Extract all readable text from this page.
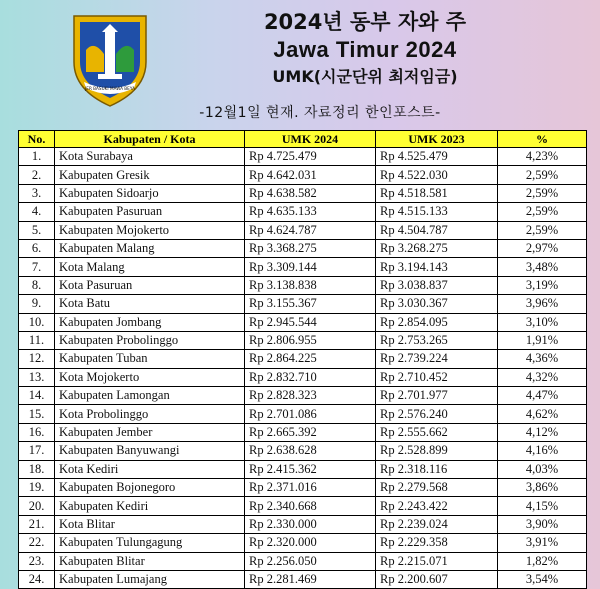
JER BASUKI MAWA BEYA
2024년 동부 자와 주
Jawa Timur 2024
UMK(시군단위 최저임금)
-12월1일 현재. 자료정리 한인포스트-
No.	Kabupaten / Kota	UMK 2024	UMK 2023	%
1.	Kota Surabaya	Rp 4.725.479	Rp 4.525.479	4,23%
2.	Kabupaten Gresik	Rp 4.642.031	Rp 4.522.030	2,59%
3.	Kabupaten Sidoarjo	Rp 4.638.582	Rp 4.518.581	2,59%
4.	Kabupaten Pasuruan	Rp 4.635.133	Rp 4.515.133	2,59%
5.	Kabupaten Mojokerto	Rp 4.624.787	Rp 4.504.787	2,59%
6.	Kabupaten Malang	Rp 3.368.275	Rp 3.268.275	2,97%
7.	Kota Malang	Rp 3.309.144	Rp 3.194.143	3,48%
8.	Kota Pasuruan	Rp 3.138.838	Rp 3.038.837	3,19%
9.	Kota Batu	Rp 3.155.367	Rp 3.030.367	3,96%
10.	Kabupaten Jombang	Rp 2.945.544	Rp 2.854.095	3,10%
11.	Kabupaten Probolinggo	Rp 2.806.955	Rp 2.753.265	1,91%
12.	Kabupaten Tuban	Rp 2.864.225	Rp 2.739.224	4,36%
13.	Kota Mojokerto	Rp 2.832.710	Rp 2.710.452	4,32%
14.	Kabupaten Lamongan	Rp 2.828.323	Rp 2.701.977	4,47%
15.	Kota Probolinggo	Rp 2.701.086	Rp 2.576.240	4,62%
16.	Kabupaten Jember	Rp 2.665.392	Rp 2.555.662	4,12%
17.	Kabupaten Banyuwangi	Rp 2.638.628	Rp 2.528.899	4,16%
18.	Kota Kediri	Rp 2.415.362	Rp 2.318.116	4,03%
19.	Kabupaten Bojonegoro	Rp 2.371.016	Rp 2.279.568	3,86%
20.	Kabupaten Kediri	Rp 2.340.668	Rp 2.243.422	4,15%
21.	Kota Blitar	Rp 2.330.000	Rp 2.239.024	3,90%
22.	Kabupaten Tulungagung	Rp 2.320.000	Rp 2.229.358	3,91%
23.	Kabupaten Blitar	Rp 2.256.050	Rp 2.215.071	1,82%
24.	Kabupaten Lumajang	Rp 2.281.469	Rp 2.200.607	3,54%
